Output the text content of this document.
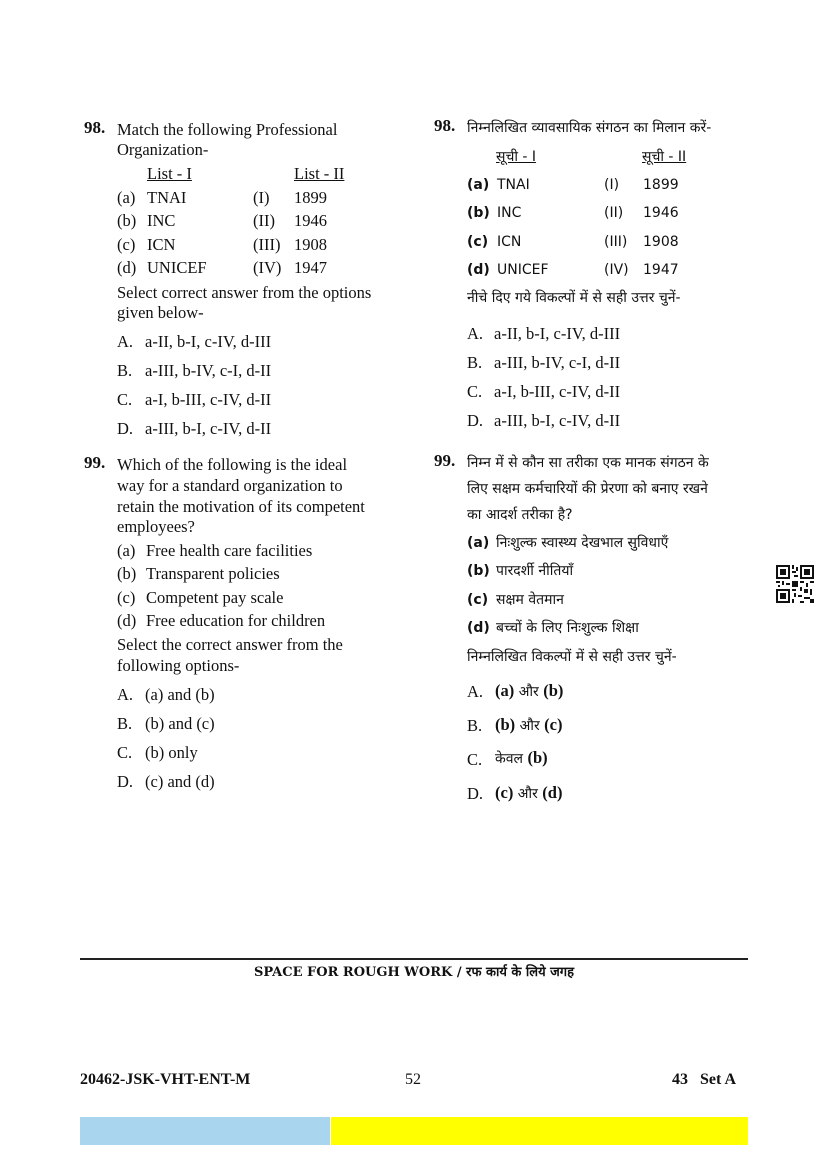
98. Match the following Professional
Organization-
List - I	List - II
(a) TNAI	(I) 1899
(b) INC	(II) 1946
(c) ICN	(III) 1908
(d) UNICEF	(IV) 1947
Select correct answer from the options
given below-
A. a-II, b-I, c-IV, d-III
B. a-III, b-IV, c-I, d-II
C. a-I, b-III, c-IV, d-II
D. a-III, b-I, c-IV, d-II
98. निम्नलिखित व्यावसायिक संगठन का मिलान करें-
सूची - I	सूची - II
(a) TNAI	(I) 1899
(b) INC	(II) 1946
(c) ICN	(III) 1908
(d) UNICEF	(IV) 1947
नीचे दिए गये विकल्पों में से सही उत्तर चुनें-
A. a-II, b-I, c-IV, d-III
B. a-III, b-IV, c-I, d-II
C. a-I, b-III, c-IV, d-II
D. a-III, b-I, c-IV, d-II
99. Which of the following is the ideal
way for a standard organization to
retain the motivation of its competent
employees?
(a) Free health care facilities
(b) Transparent policies
(c) Competent pay scale
(d) Free education for children
Select the correct answer from the
following options-
A. (a) and (b)
B. (b) and (c)
C. (b) only
D. (c) and (d)
99. निम्न में से कौन सा तरीका एक मानक संगठन के
लिए सक्षम कर्मचारियों की प्रेरणा को बनाए रखने
का आदर्श तरीका है?
(a) निःशुल्क स्वास्थ्य देखभाल सुविधाएँ
(b) पारदर्शी नीतियाँ
(c) सक्षम वेतमान
(d) बच्चों के लिए निःशुल्क शिक्षा
निम्नलिखित विकल्पों में से सही उत्तर चुनें-
A. (a) और (b)
B. (b) और (c)
C. केवल (b)
D. (c) और (d)
SPACE FOR ROUGH WORK / रफ कार्य के लिये जगह
20462-JSK-VHT-ENT-M	52	43   Set A
